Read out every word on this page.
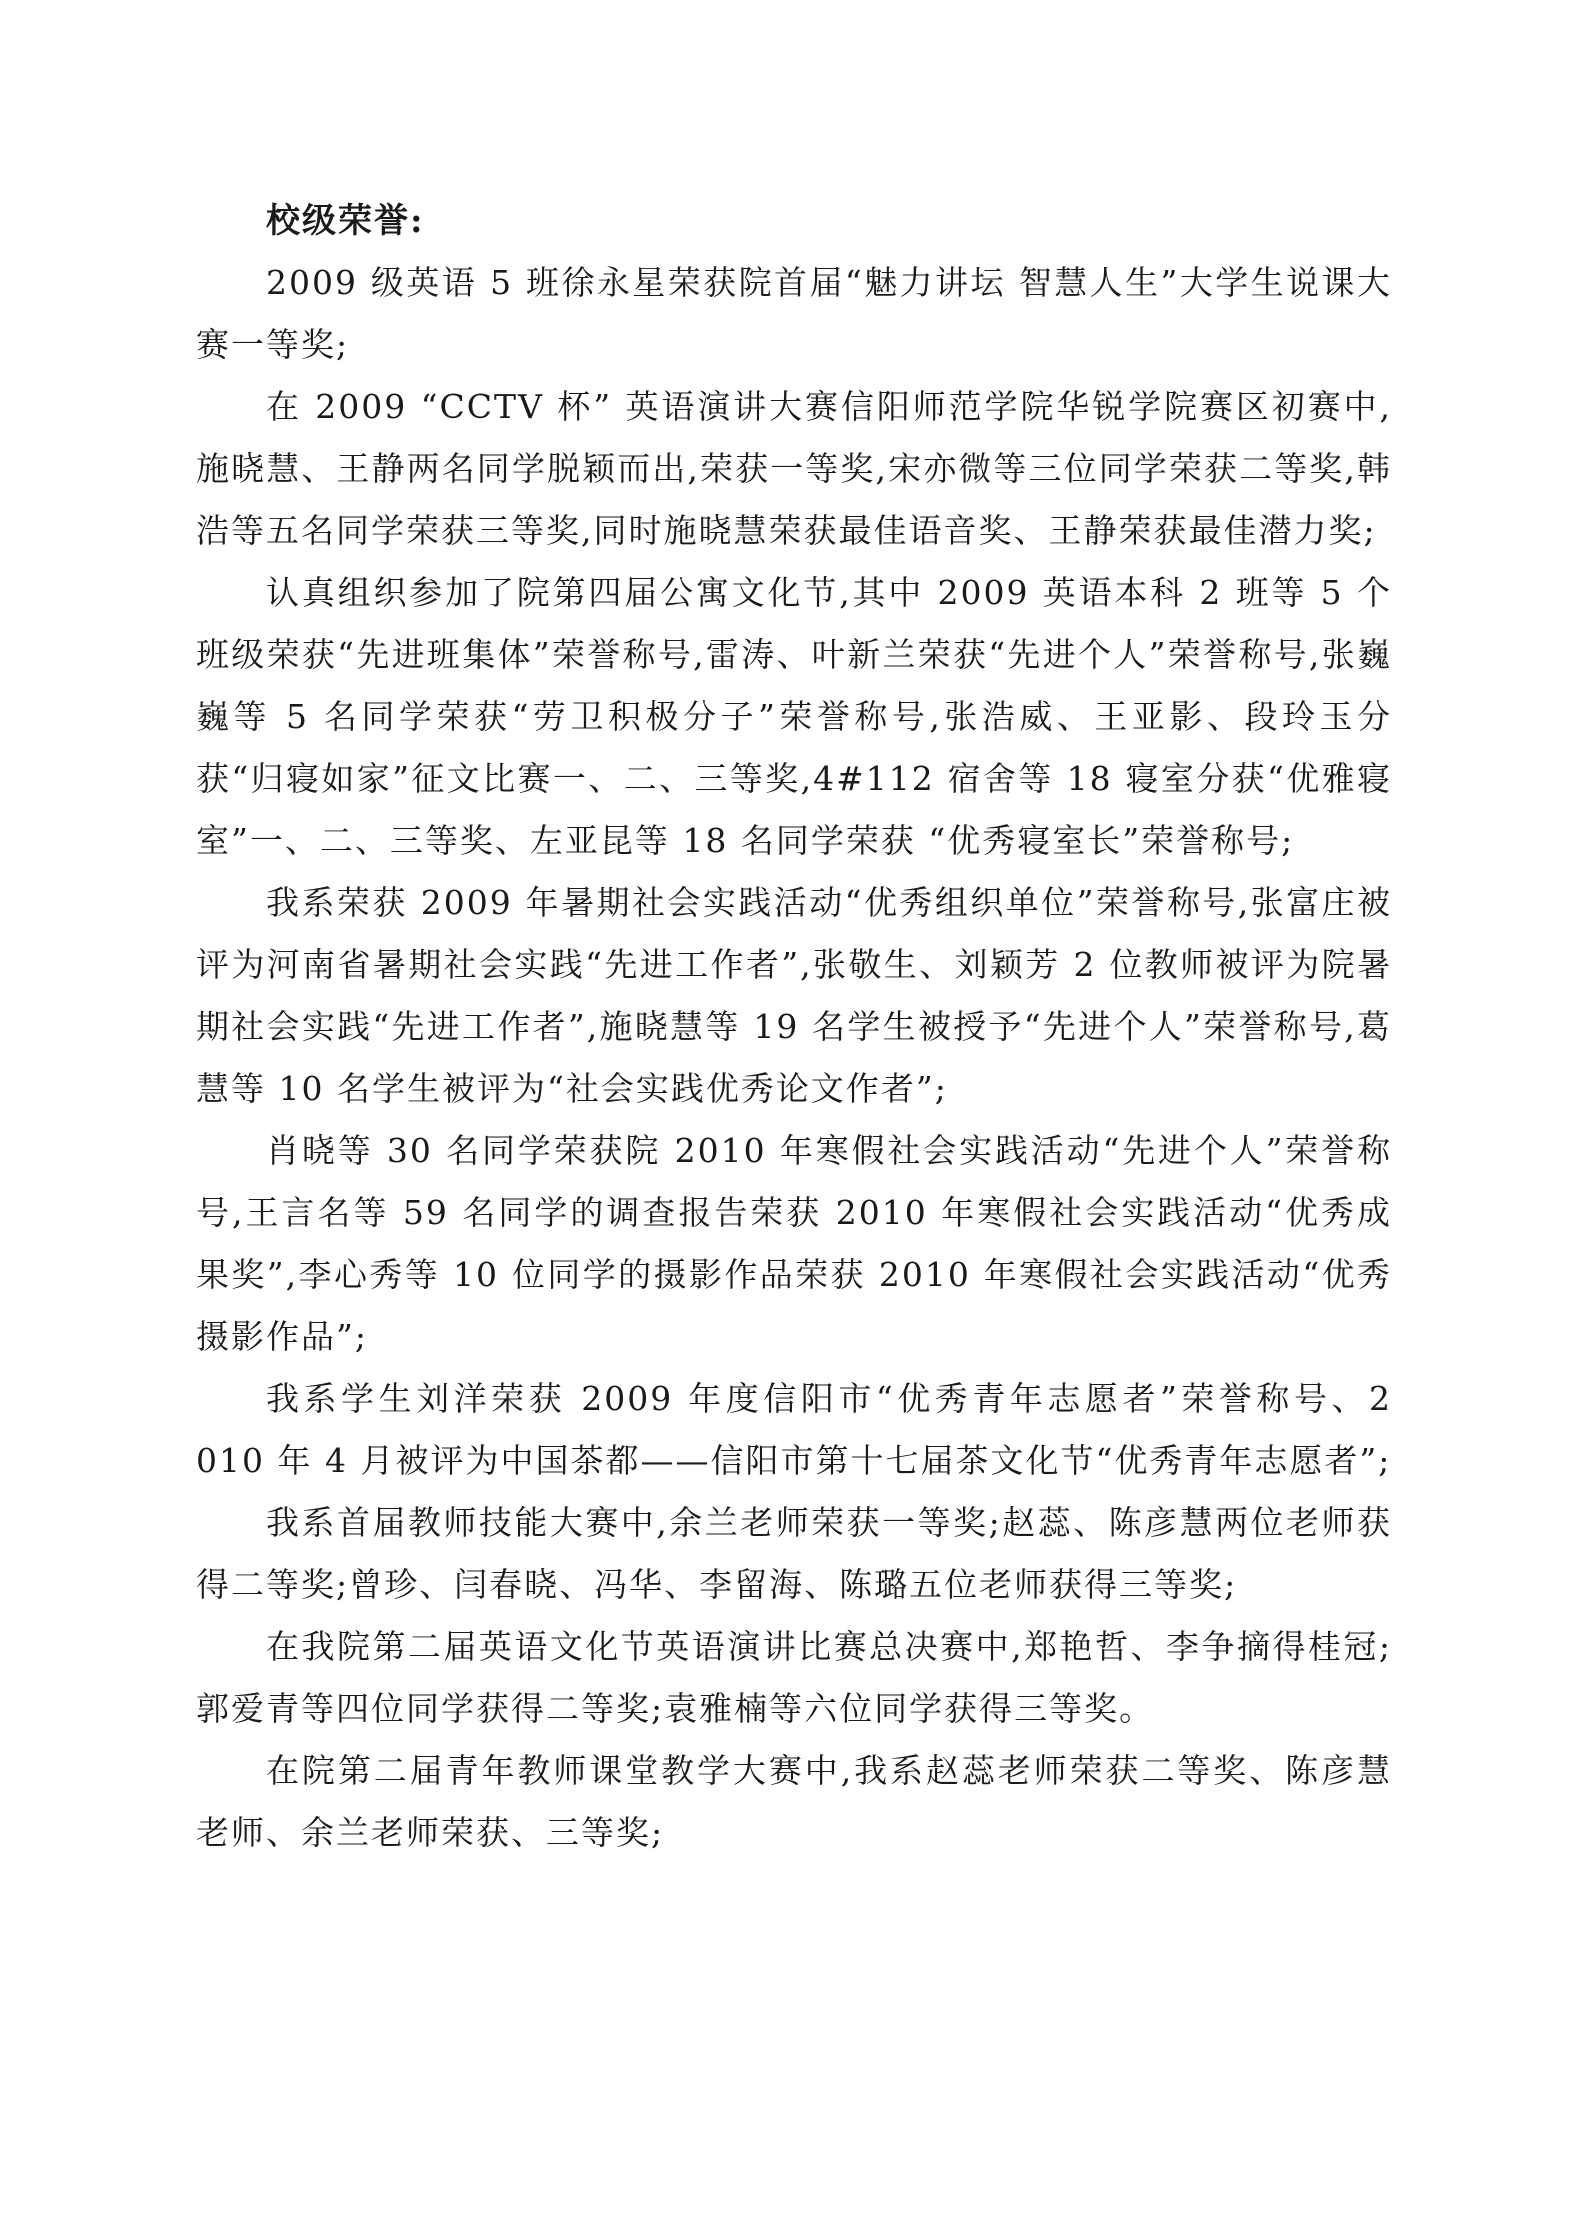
校级荣誉:

2009 级英语 5 班徐永星荣获院首届“魅力讲坛 智慧人生”大学生说课大赛一等奖;

在 2009 “CCTV 杯” 英语演讲大赛信阳师范学院华锐学院赛区初赛中,施晓慧、王静两名同学脱颖而出,荣获一等奖,宋亦微等三位同学荣获二等奖,韩浩等五名同学荣获三等奖,同时施晓慧荣获最佳语音奖、王静荣获最佳潜力奖;

认真组织参加了院第四届公寓文化节,其中 2009 英语本科 2 班等 5 个班级荣获“先进班集体”荣誉称号,雷涛、叶新兰荣获“先进个人”荣誉称号,张巍巍等 5 名同学荣获“劳卫积极分子”荣誉称号,张浩威、王亚影、段玲玉分获“归寝如家”征文比赛一、二、三等奖,4#112 宿舍等 18 寝室分获“优雅寝室”一、二、三等奖、左亚昆等 18 名同学荣获 “优秀寝室长”荣誉称号;

我系荣获 2009 年暑期社会实践活动“优秀组织单位”荣誉称号,张富庄被评为河南省暑期社会实践“先进工作者”,张敬生、刘颖芳 2 位教师被评为院暑期社会实践“先进工作者”,施晓慧等 19 名学生被授予“先进个人”荣誉称号,葛慧等 10 名学生被评为“社会实践优秀论文作者”;

肖晓等 30 名同学荣获院 2010 年寒假社会实践活动“先进个人”荣誉称号,王言名等 59 名同学的调查报告荣获 2010 年寒假社会实践活动“优秀成果奖”,李心秀等 10 位同学的摄影作品荣获 2010 年寒假社会实践活动“优秀摄影作品”;

我系学生刘洋荣获 2009 年度信阳市“优秀青年志愿者”荣誉称号、2 010 年 4 月被评为中国茶都——信阳市第十七届茶文化节“优秀青年志愿者”;

我系首届教师技能大赛中,余兰老师荣获一等奖;赵蕊、陈彦慧两位老师获得二等奖;曾珍、闫春晓、冯华、李留海、陈璐五位老师获得三等奖;

在我院第二届英语文化节英语演讲比赛总决赛中,郑艳哲、李争摘得桂冠;郭爱青等四位同学获得二等奖;袁雅楠等六位同学获得三等奖。

在院第二届青年教师课堂教学大赛中,我系赵蕊老师荣获二等奖、陈彦慧老师、余兰老师荣获、三等奖;
